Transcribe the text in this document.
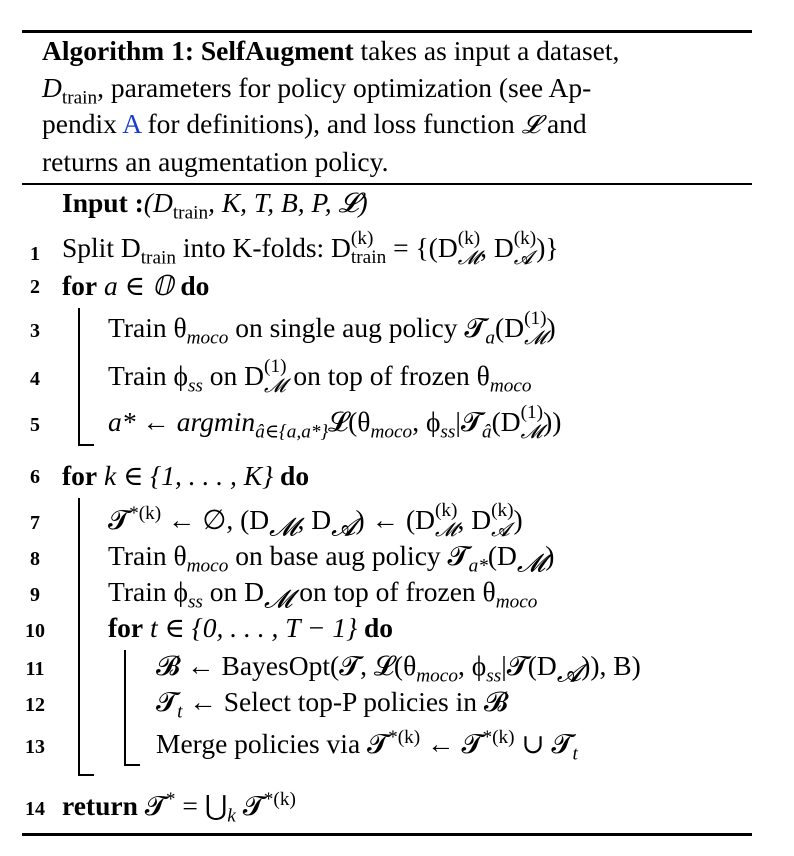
Algorithm 1: SelfAugment takes as input a dataset,
$D_{train}$, parameters for policy optimization (see Ap-
pendix A for definitions), and loss function 𝓛 and
returns an augmentation policy.
Input $:(D_{train}$, K, T, B, P, 𝓛)
1 Split $D_{train}$ into K-folds: D (k)
train = {(D (k)
𝓜 , D (k)
𝓐 )}
2 for a ∈ 𝕆 do
3	Train $\theta_{moco}$ on single aug policy 𝓣$_a$(D (1)
𝓜 )
4	Train $\phi_{ss}$ on D (1)
𝓜 on top of frozen $\theta_{moco}$
5	a* ← $argmin_{â\in\{a,a*\}}𝓛(\theta_{moco}$, $\phi_{ss}|𝓣_â(D$ (1)
𝓜 ))
6 for k ∈ {1, . . . , K} do
7	𝓣$^{*(k)}$ ← ∅, ($D_𝓜$, $D_𝓐$) ← (D (k)
𝓜 , D (k)
𝓐 )
8	Train $\theta_{moco}$ on base aug policy $𝓣_{a*}(D_𝓜)$
9	Train $\phi_{ss}$ on $D_𝓜$ on top of frozen $\theta_{moco}$
10 for t ∈ {0, . . . , T − 1} do
11	𝓑 ← BayesOpt(𝓣, $𝓛(\theta_{moco}$, $\phi_{ss}|𝓣(D_𝓐)$), B)
12	𝓣$_t$ ← Select top-P policies in 𝓑
13	Merge policies via 𝓣$^{*(k)}$ ← 𝓣$^{*(k)}$ ∪ 𝓣$_t$
14 return 𝓣* = $⋃_k$ 𝓣$^{*(k)}$
